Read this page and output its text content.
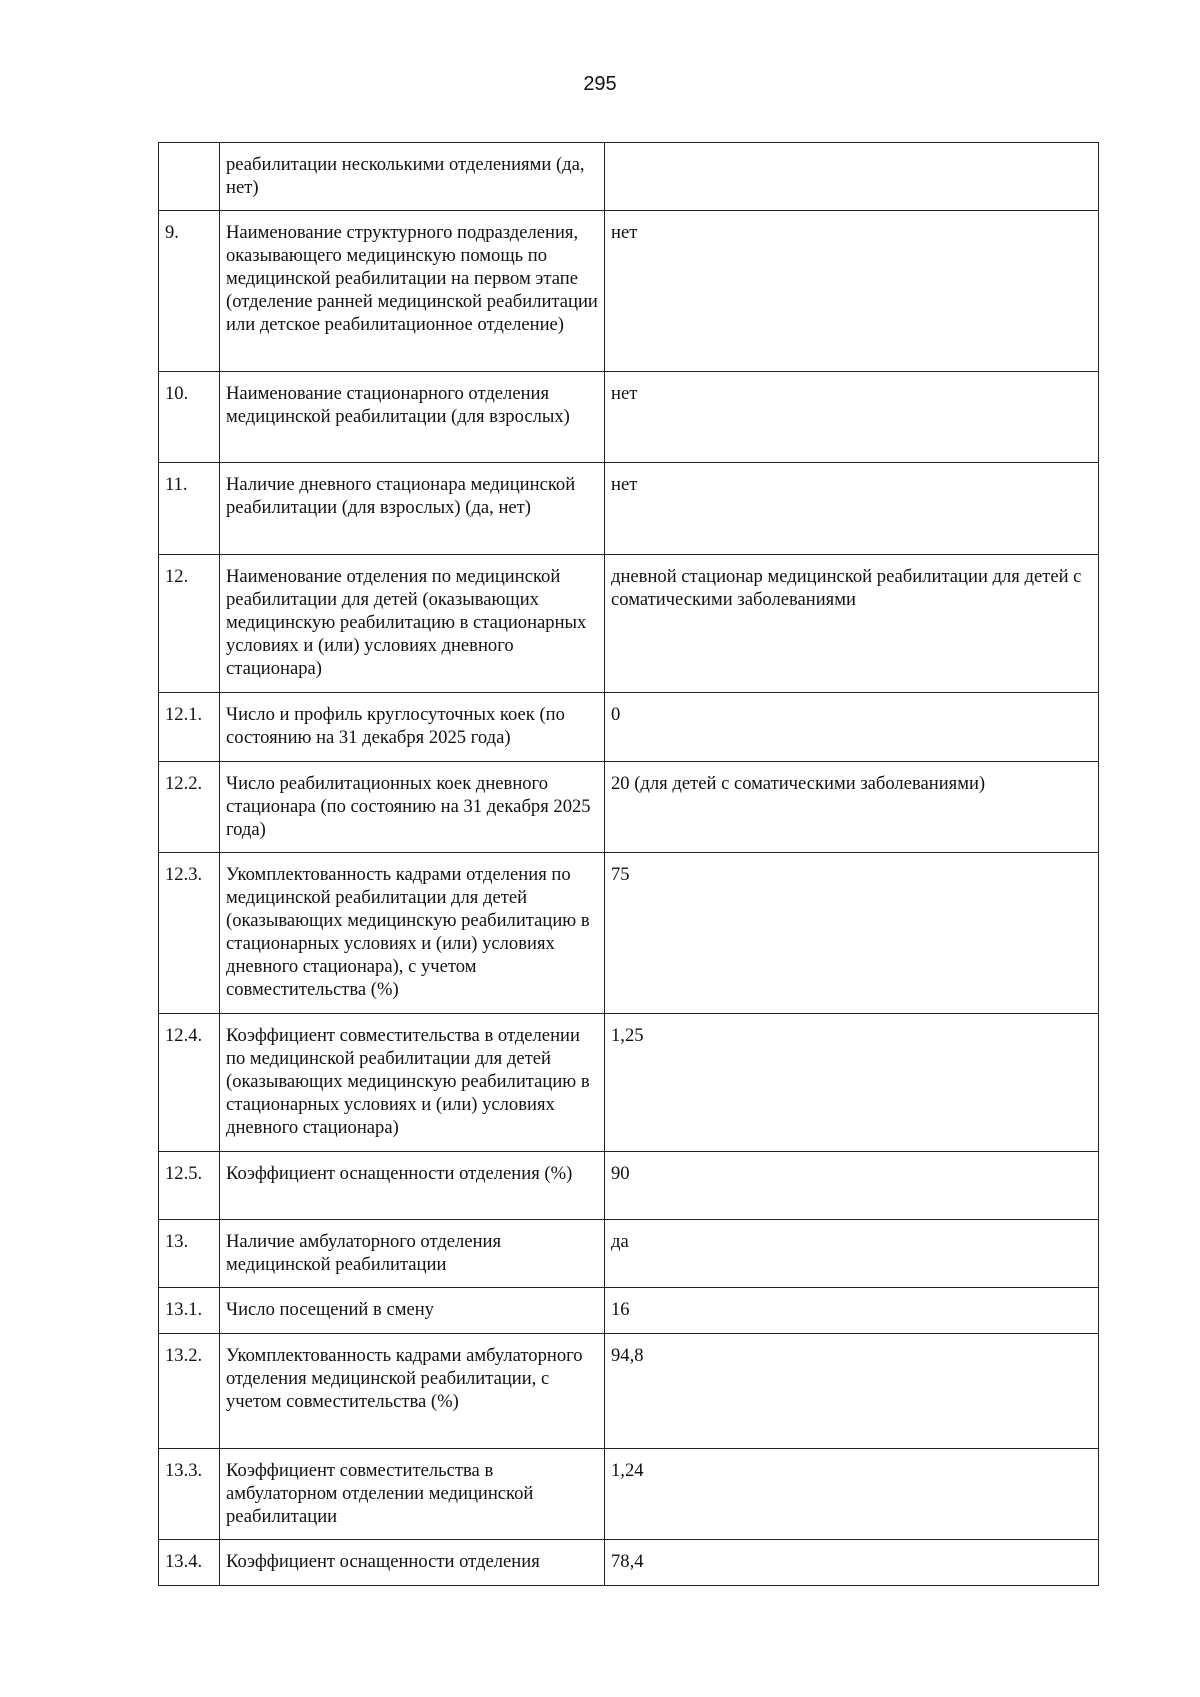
295
	реабилитации несколькими отделениями (да, нет)	
9.	Наименование структурного подразделения, оказывающего медицинскую помощь по медицинской реабилитации на первом этапе (отделение ранней медицинской реабилитации или детское реабилитационное отделение)	нет
10.	Наименование стационарного отделения медицинской реабилитации (для взрослых)	нет
11.	Наличие дневного стационара медицинской реабилитации (для взрослых) (да, нет)	нет
12.	Наименование отделения по медицинской реабилитации для детей (оказывающих медицинскую реабилитацию в стационарных условиях и (или) условиях дневного стационара)	дневной стационар медицинской реабилитации для детей с соматическими заболеваниями
12.1.	Число и профиль круглосуточных коек (по состоянию на 31 декабря 2025 года)	0
12.2.	Число реабилитационных коек дневного стационара (по состоянию на 31 декабря 2025 года)	20 (для детей с соматическими заболеваниями)
12.3.	Укомплектованность кадрами отделения по медицинской реабилитации для детей (оказывающих медицинскую реабилитацию в стационарных условиях и (или) условиях дневного стационара), с учетом совместительства (%)	75
12.4.	Коэффициент совместительства в отделении по медицинской реабилитации для детей (оказывающих медицинскую реабилитацию в стационарных условиях и (или) условиях дневного стационара)	1,25
12.5.	Коэффициент оснащенности отделения (%)	90
13.	Наличие амбулаторного отделения медицинской реабилитации	да
13.1.	Число посещений в смену	16
13.2.	Укомплектованность кадрами амбулаторного отделения медицинской реабилитации, с учетом совместительства (%)	94,8
13.3.	Коэффициент совместительства в амбулаторном отделении медицинской реабилитации	1,24
13.4.	Коэффициент оснащенности отделения	78,4
